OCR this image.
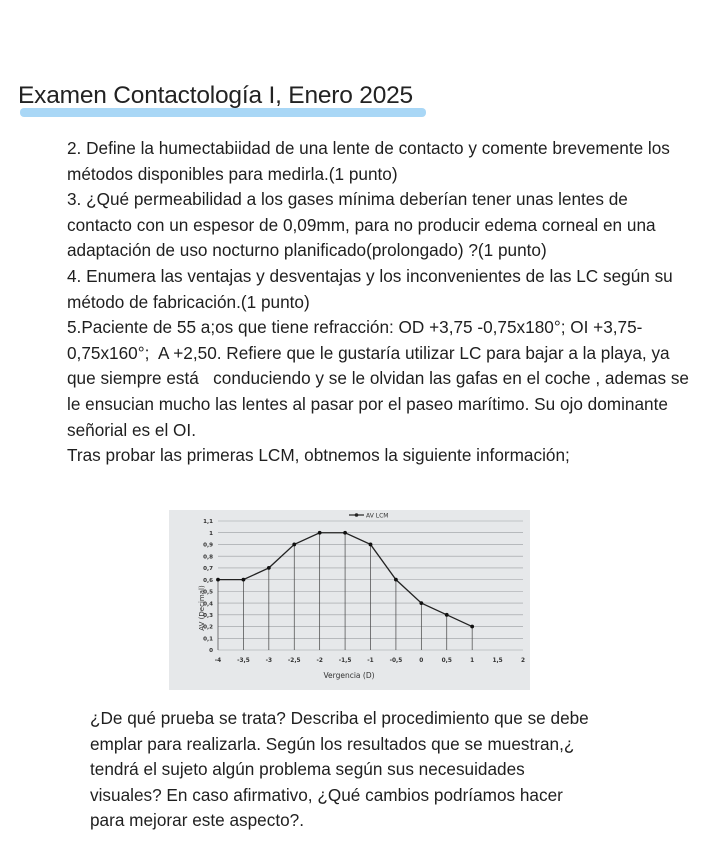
Examen Contactología I, Enero 2025

2. Define la humectabiidad de una lente de contacto y comente brevemente los métodos disponibles para medirla.(1 punto)

3. ¿Qué permeabilidad a los gases mínima deberían tener unas lentes de contacto con un espesor de 0,09mm, para no producir edema corneal en una adaptación de uso nocturno planificado(prolongado) ?(1 punto)

4. Enumera las ventajas y desventajas y los inconvenientes de las LC según su método de fabricación.(1 punto)

5.Paciente de 55 a;os que tiene refracción: OD +3,75 -0,75x180°; OI +3,75-0,75x160°;  A +2,50. Refiere que le gustaría utilizar LC para bajar a la playa, ya que siempre está   conduciendo y se le olvidan las gafas en el coche , ademas se le ensucian mucho las lentes al pasar por el paseo marítimo. Su ojo dominante señorial es el OI.

Tras probar las primeras LCM, obtnemos la siguiente información;

0
0,1
0,2
0,3
0,4
0,5
0,6
0,7
0,8
0,9
1
1,1
-4	-3,5	-3	-2,5	-2	-1,5	-1	-0,5	0	0,5	1	1,5	2
AV LCM
Vergencia (D)
AV (Decimal)

¿De qué prueba se trata? Describa el procedimiento que se debe emplar para realizarla. Según los resultados que se muestran,¿ tendrá el sujeto algún problema según sus necesuidades visuales? En caso afirmativo, ¿Qué cambios podríamos hacer para mejorar este aspecto?.
